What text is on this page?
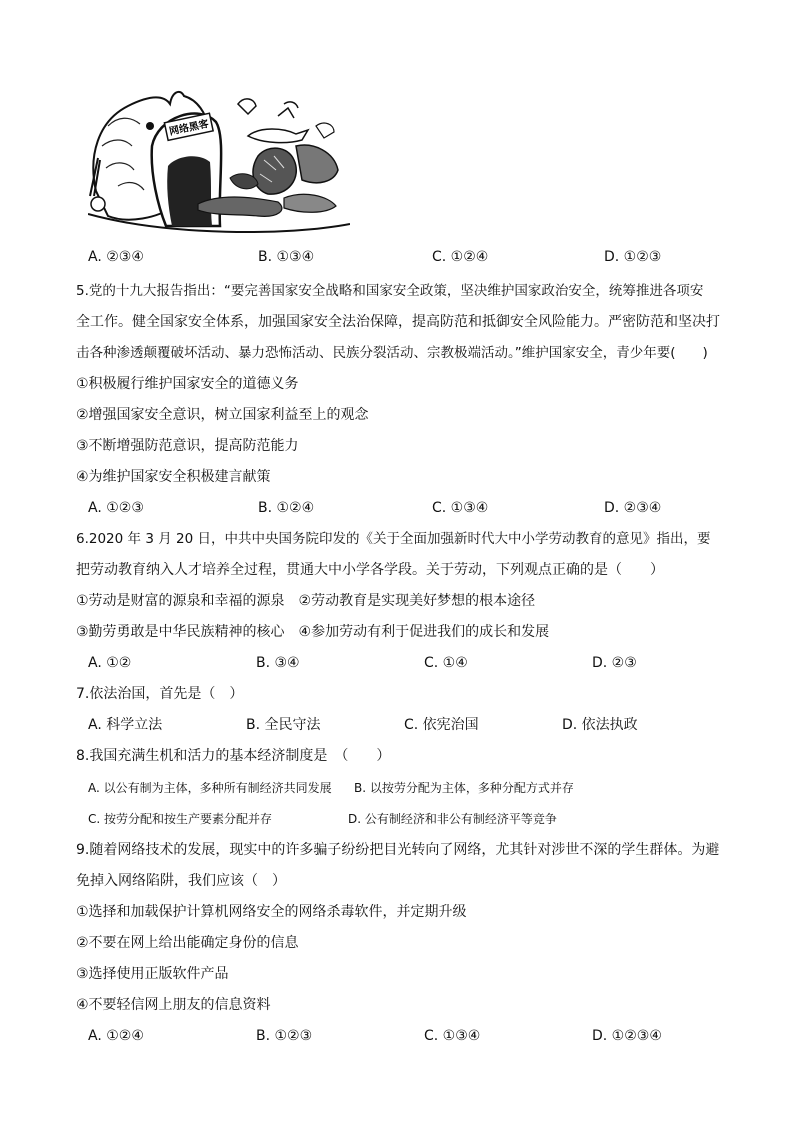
网络黑客
A. ②③④	B. ①③④	C. ①②④	D. ①②③
5.党的十九大报告指出：“要完善国家安全战略和国家安全政策，坚决维护国家政治安全，统筹推进各项安
全工作。健全国家安全体系，加强国家安全法治保障，提高防范和抵御安全风险能力。严密防范和坚决打
击各种渗透颠覆破坏活动、暴力恐怖活动、民族分裂活动、宗教极端活动。”维护国家安全，青少年要(　　)
①积极履行维护国家安全的道德义务
②增强国家安全意识，树立国家利益至上的观念
③不断增强防范意识，提高防范能力
④为维护国家安全积极建言献策
A. ①②③	B. ①②④	C. ①③④	D. ②③④
6.2020 年 3 月 20 日，中共中央国务院印发的《关于全面加强新时代大中小学劳动教育的意见》指出，要
把劳动教育纳入人才培养全过程，贯通大中小学各学段。关于劳动，下列观点正确的是（　　）
①劳动是财富的源泉和幸福的源泉　②劳动教育是实现美好梦想的根本途径
③勤劳勇敢是中华民族精神的核心　④参加劳动有利于促进我们的成长和发展
A. ①②	B. ③④	C. ①④	D. ②③
7.依法治国，首先是（　）
A. 科学立法	B. 全民守法	C. 依宪治国	D. 依法执政
8.我国充满生机和活力的基本经济制度是　（　　）
A. 以公有制为主体，多种所有制经济共同发展 B. 以按劳分配为主体，多种分配方式并存
C. 按劳分配和按生产要素分配并存	D. 公有制经济和非公有制经济平等竞争
9.随着网络技术的发展，现实中的许多骗子纷纷把目光转向了网络，尤其针对涉世不深的学生群体。为避
免掉入网络陷阱，我们应该（　）
①选择和加载保护计算机网络安全的网络杀毒软件，并定期升级
②不要在网上给出能确定身份的信息
③选择使用正版软件产品
④不要轻信网上朋友的信息资料
A. ①②④	B. ①②③	C. ①③④	D. ①②③④
